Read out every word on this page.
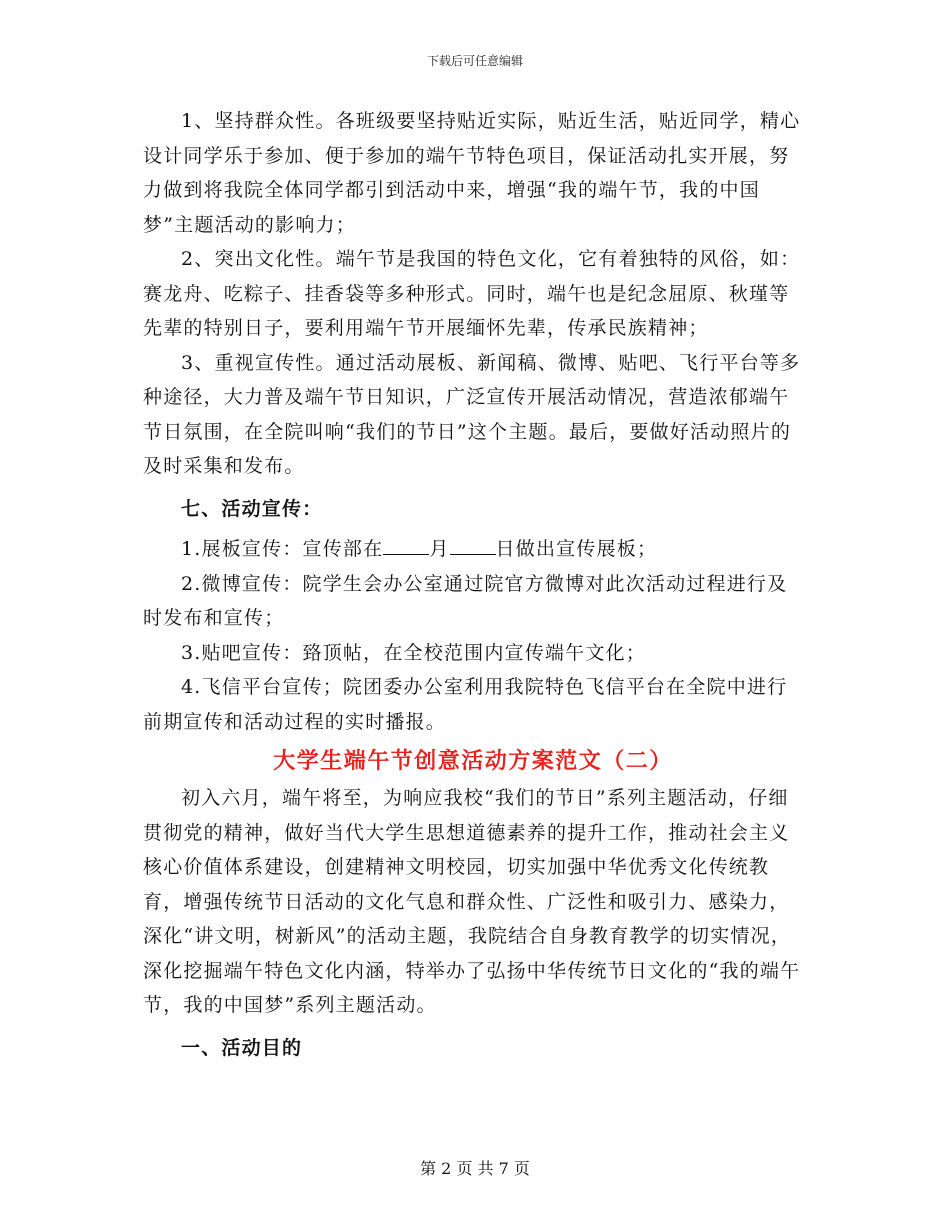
下载后可任意编辑

1、坚持群众性。各班级要坚持贴近实际，贴近生活，贴近同学，精心设计同学乐于参加、便于参加的端午节特色项目，保证活动扎实开展，努力做到将我院全体同学都引到活动中来，增强“我的端午节，我的中国梦”主题活动的影响力；

2、突出文化性。端午节是我国的特色文化，它有着独特的风俗，如：赛龙舟、吃粽子、挂香袋等多种形式。同时，端午也是纪念屈原、秋瑾等先辈的特别日子，要利用端午节开展缅怀先辈，传承民族精神；

3、重视宣传性。通过活动展板、新闻稿、微博、贴吧、飞行平台等多种途径，大力普及端午节日知识，广泛宣传开展活动情况，营造浓郁端午节日氛围，在全院叫响“我们的节日”这个主题。最后，要做好活动照片的及时采集和发布。

七、活动宣传：

1.展板宣传：宣传部在 月 日做出宣传展板；

2.微博宣传：院学生会办公室通过院官方微博对此次活动过程进行及时发布和宣传；

3.贴吧宣传：臵顶帖，在全校范围内宣传端午文化；

4.飞信平台宣传；院团委办公室利用我院特色飞信平台在全院中进行前期宣传和活动过程的实时播报。

大学生端午节创意活动方案范文（二）

初入六月，端午将至，为响应我校“我们的节日”系列主题活动，仔细贯彻党的精神，做好当代大学生思想道德素养的提升工作，推动社会主义核心价值体系建设，创建精神文明校园，切实加强中华优秀文化传统教育，增强传统节日活动的文化气息和群众性、广泛性和吸引力、感染力，深化“讲文明，树新风”的活动主题，我院结合自身教育教学的切实情况，深化挖掘端午特色文化内涵，特举办了弘扬中华传统节日文化的“我的端午节，我的中国梦”系列主题活动。

一、活动目的

第 2 页 共 7 页
